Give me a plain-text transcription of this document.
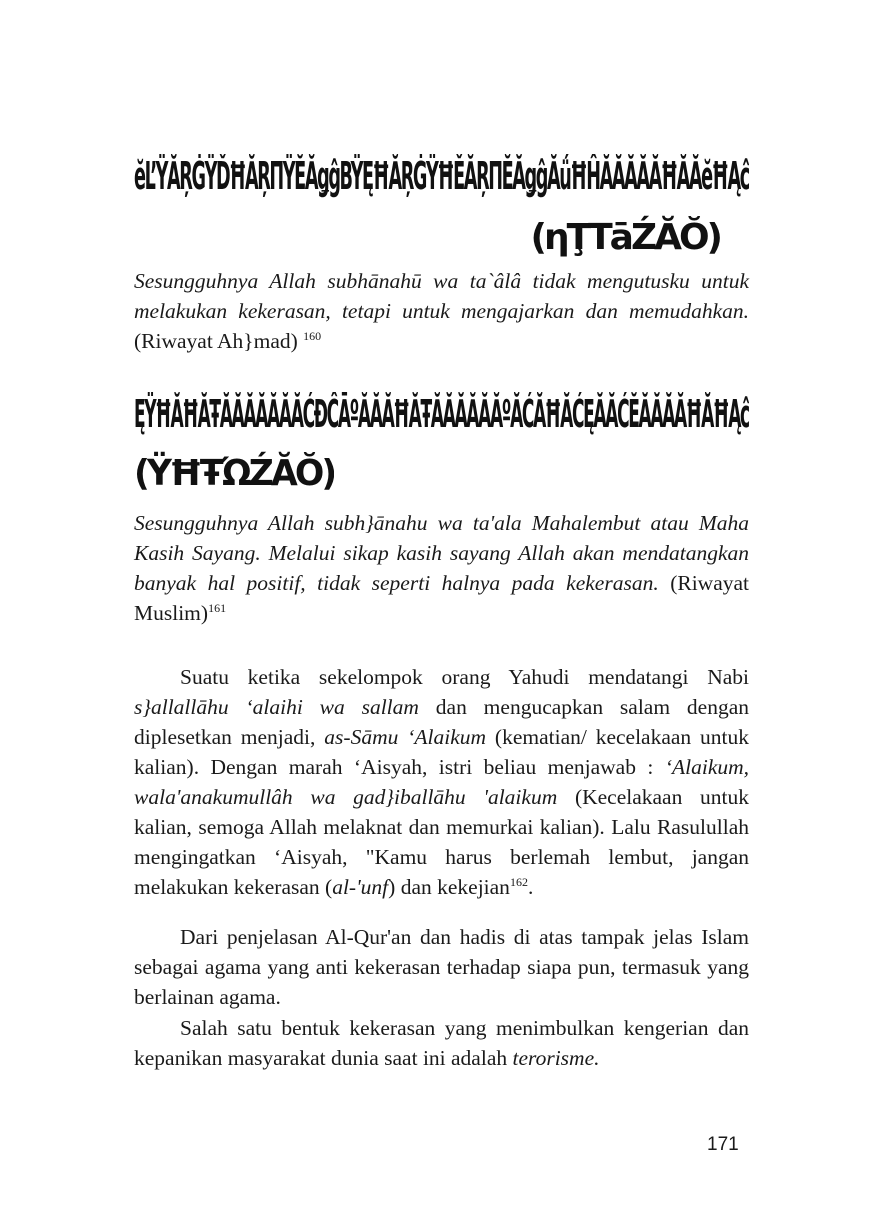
ĕĽ’ŸĂŖĠŸĎĦĂŖΠŸĔĂǥĝBŸĘĦĂŖĠŸĦĚĂŖΠĔĂǥĝĂǘĦĤĂĂĂĂĂĦĂĂĕĦĄĉ
(ηŢΤāŹĂŎ)
Sesungguhnya Allah subhānahū wa ta`âlâ tidak mengutusku untuk melakukan kekerasan, tetapi untuk mengajarkan dan memudahkan. (Riwayat Ah}mad) $^{160}$
ĘŸĦĂĦĂŦĂĂĂĂĂĂĂĆĐĈĀºĂĂĂĦĂŦĂĂĂĂĂĂºĂĆĂĦĂĆĘĂĂĆĔĂĂĂĂĦĂĦĄĉ
(ŸĦŦΏŹĂŎ)
Sesungguhnya Allah subh}ānahu wa ta'ala Mahalembut atau Maha Kasih Sayang. Melalui sikap kasih sayang Allah akan mendatangkan banyak hal positif, tidak seperti halnya pada kekerasan. (Riwayat Muslim)$^{161}$
Suatu ketika sekelompok orang Yahudi mendatangi Nabi s}allallāhu ‘alaihi wa sallam dan mengucapkan salam dengan diplesetkan menjadi, as-Sāmu ‘Alaikum (kematian/ kecelakaan untuk kalian). Dengan marah ‘Aisyah, istri beliau menjawab : ‘Alaikum, wala'anakumullâh wa gad}iballāhu 'alaikum (Kecelakaan untuk kalian, semoga Allah melaknat dan memurkai kalian). Lalu Rasulullah mengingatkan ‘Aisyah, "Kamu harus berlemah lembut, jangan melakukan kekerasan (al-'unf) dan kekejian$^{162}$.
Dari penjelasan Al-Qur'an dan hadis di atas tampak jelas Islam sebagai agama yang anti kekerasan terhadap siapa pun, termasuk yang berlainan agama.
Salah satu bentuk kekerasan yang menimbulkan kengerian dan kepanikan masyarakat dunia saat ini adalah terorisme.
171
